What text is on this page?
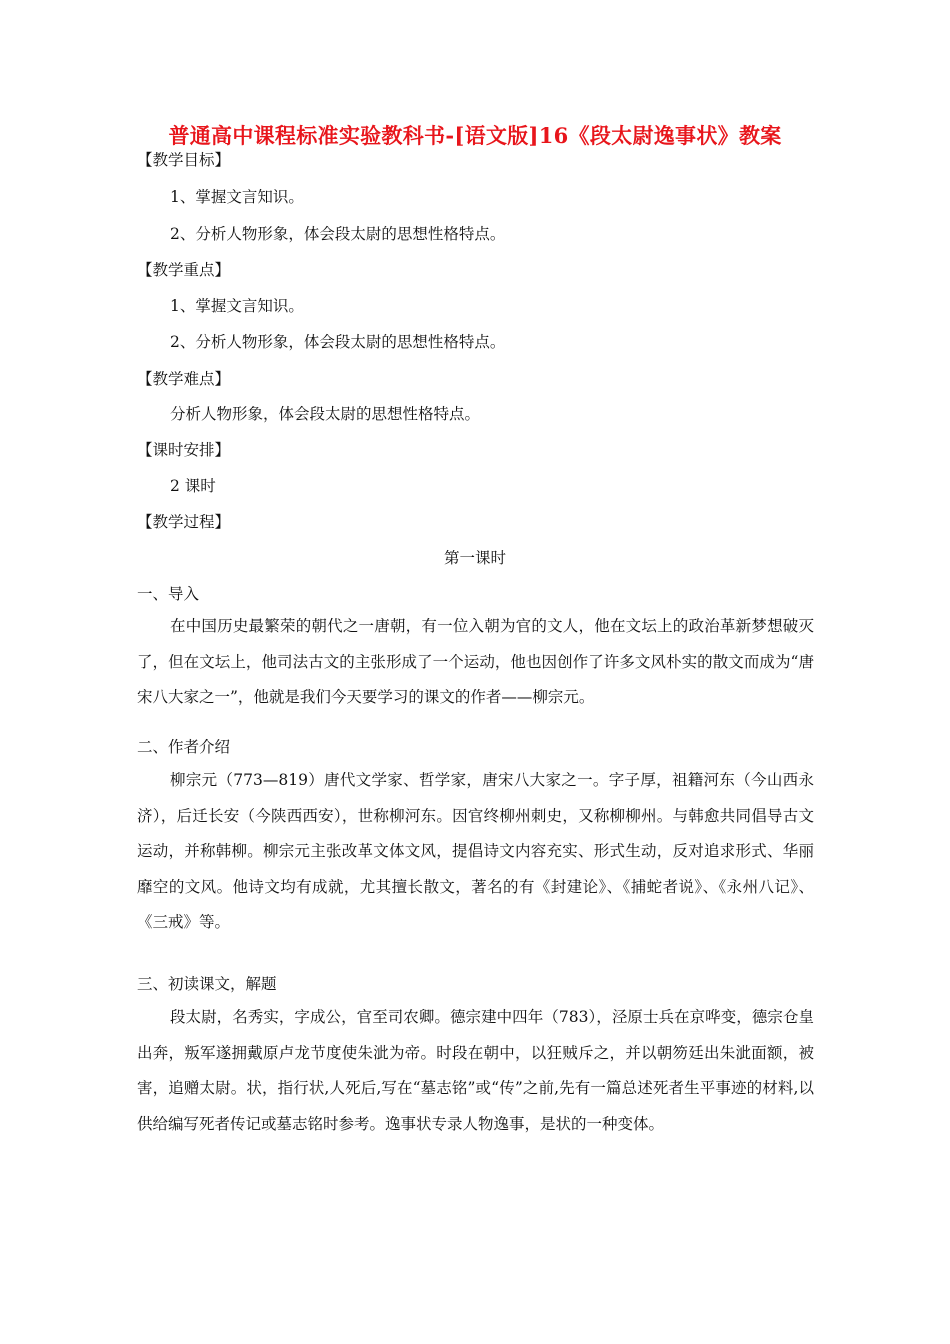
普通高中课程标准实验教科书-[语文版]16《段太尉逸事状》教案
【教学目标】
1、掌握文言知识。
2、分析人物形象，体会段太尉的思想性格特点。
【教学重点】
1、掌握文言知识。
2、分析人物形象，体会段太尉的思想性格特点。
【教学难点】
分析人物形象，体会段太尉的思想性格特点。
【课时安排】
2 课时
【教学过程】
第一课时
一、导入
在中国历史最繁荣的朝代之一唐朝，有一位入朝为官的文人，他在文坛上的政治革新梦想破灭了，但在文坛上，他司法古文的主张形成了一个运动，他也因创作了许多文风朴实的散文而成为“唐宋八大家之一”，他就是我们今天要学习的课文的作者——柳宗元。
二、作者介绍
柳宗元（773—819）唐代文学家、哲学家，唐宋八大家之一。字子厚，祖籍河东（今山西永济），后迁长安（今陕西西安），世称柳河东。因官终柳州刺史，又称柳柳州。与韩愈共同倡导古文运动，并称韩柳。柳宗元主张改革文体文风，提倡诗文内容充实、形式生动，反对追求形式、华丽靡空的文风。他诗文均有成就，尤其擅长散文，著名的有《封建论》、《捕蛇者说》、《永州八记》、《三戒》等。
三、初读课文，解题
段太尉，名秀实，字成公，官至司农卿。德宗建中四年（783），泾原士兵在京哗变，德宗仓皇出奔，叛军遂拥戴原卢龙节度使朱泚为帝。时段在朝中，以狂贼斥之，并以朝笏廷出朱泚面额，被害，追赠太尉。状，指行状,人死后,写在“墓志铭”或“传”之前,先有一篇总述死者生平事迹的材料,以供给编写死者传记或墓志铭时参考。逸事状专录人物逸事，是状的一种变体。
